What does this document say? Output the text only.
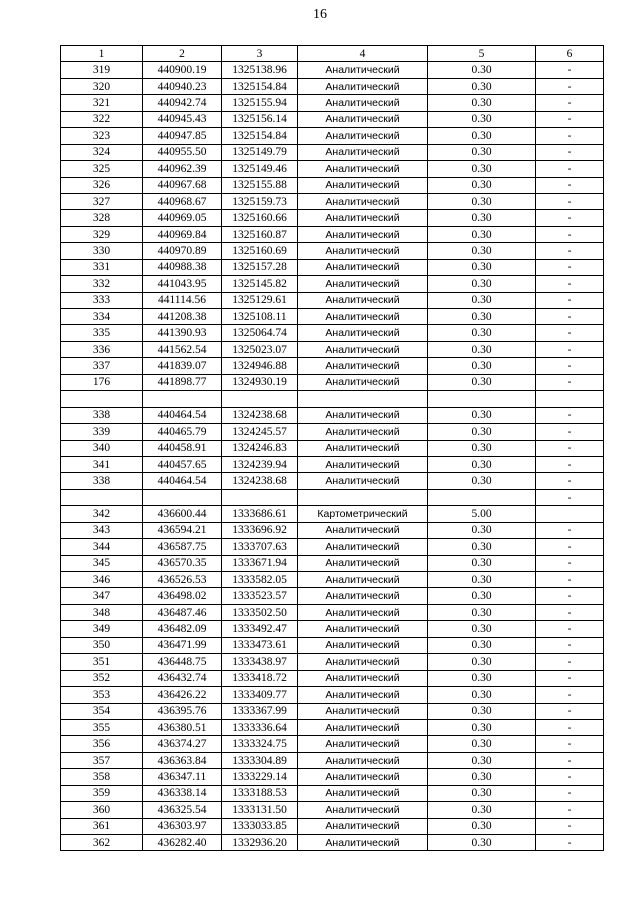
16
1	2	3	4	5	6
319	440900.19	1325138.96	Аналитический	0.30	-
320	440940.23	1325154.84	Аналитический	0.30	-
321	440942.74	1325155.94	Аналитический	0.30	-
322	440945.43	1325156.14	Аналитический	0.30	-
323	440947.85	1325154.84	Аналитический	0.30	-
324	440955.50	1325149.79	Аналитический	0.30	-
325	440962.39	1325149.46	Аналитический	0.30	-
326	440967.68	1325155.88	Аналитический	0.30	-
327	440968.67	1325159.73	Аналитический	0.30	-
328	440969.05	1325160.66	Аналитический	0.30	-
329	440969.84	1325160.87	Аналитический	0.30	-
330	440970.89	1325160.69	Аналитический	0.30	-
331	440988.38	1325157.28	Аналитический	0.30	-
332	441043.95	1325145.82	Аналитический	0.30	-
333	441114.56	1325129.61	Аналитический	0.30	-
334	441208.38	1325108.11	Аналитический	0.30	-
335	441390.93	1325064.74	Аналитический	0.30	-
336	441562.54	1325023.07	Аналитический	0.30	-
337	441839.07	1324946.88	Аналитический	0.30	-
176	441898.77	1324930.19	Аналитический	0.30	-

338	440464.54	1324238.68	Аналитический	0.30	-
339	440465.79	1324245.57	Аналитический	0.30	-
340	440458.91	1324246.83	Аналитический	0.30	-
341	440457.65	1324239.94	Аналитический	0.30	-
338	440464.54	1324238.68	Аналитический	0.30	-
					-
342	436600.44	1333686.61	Картометрический	5.00	
343	436594.21	1333696.92	Аналитический	0.30	-
344	436587.75	1333707.63	Аналитический	0.30	-
345	436570.35	1333671.94	Аналитический	0.30	-
346	436526.53	1333582.05	Аналитический	0.30	-
347	436498.02	1333523.57	Аналитический	0.30	-
348	436487.46	1333502.50	Аналитический	0.30	-
349	436482.09	1333492.47	Аналитический	0.30	-
350	436471.99	1333473.61	Аналитический	0.30	-
351	436448.75	1333438.97	Аналитический	0.30	-
352	436432.74	1333418.72	Аналитический	0.30	-
353	436426.22	1333409.77	Аналитический	0.30	-
354	436395.76	1333367.99	Аналитический	0.30	-
355	436380.51	1333336.64	Аналитический	0.30	-
356	436374.27	1333324.75	Аналитический	0.30	-
357	436363.84	1333304.89	Аналитический	0.30	-
358	436347.11	1333229.14	Аналитический	0.30	-
359	436338.14	1333188.53	Аналитический	0.30	-
360	436325.54	1333131.50	Аналитический	0.30	-
361	436303.97	1333033.85	Аналитический	0.30	-
362	436282.40	1332936.20	Аналитический	0.30	-
